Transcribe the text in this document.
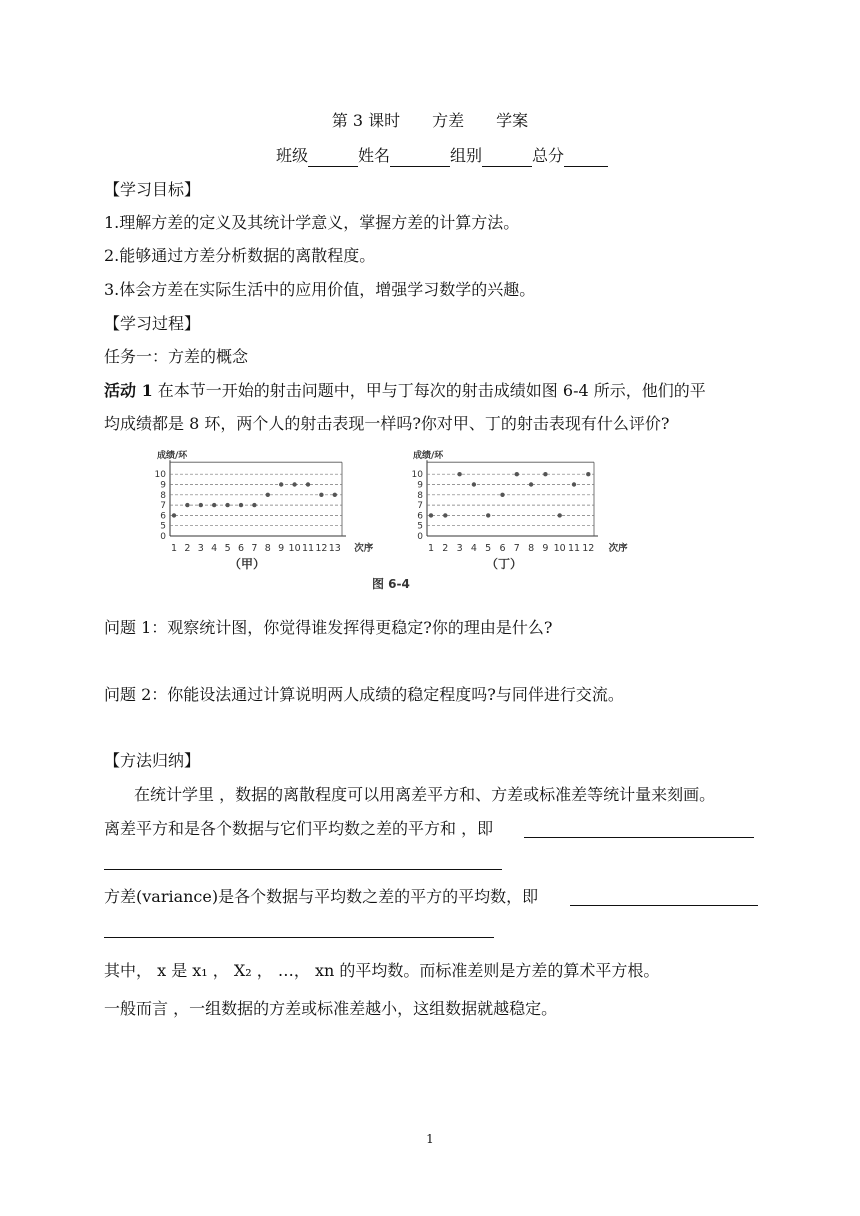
第 3 课时　　方差　　学案
班级	姓名	组别	总分
【学习目标】
1.理解方差的定义及其统计学意义，掌握方差的计算方法。
2.能够通过方差分析数据的离散程度。
3.体会方差在实际生活中的应用价值，增强学习数学的兴趣。
【学习过程】
任务一：方差的概念
活动 1 在本节一开始的射击问题中，甲与丁每次的射击成绩如图 6-4 所示，他们的平
均成绩都是 8 环，两个人的射击表现一样吗?你对甲、丁的射击表现有什么评价?
成绩/环
0
5
6
7
8
9
10
1 2 3 4 5 6 7 8 9 10 11 12 13 次序
成绩/环
0
5
6
7
8
9
10
1 2 3 4 5 6 7 8 9 10 11 12 次序
（甲）	（丁）
图 6-4
问题 1：观察统计图，你觉得谁发挥得更稳定?你的理由是什么?
问题 2：你能设法通过计算说明两人成绩的稳定程度吗?与同伴进行交流。
【方法归纳】
在统计学里 ，数据的离散程度可以用离差平方和、方差或标准差等统计量来刻画。
离差平方和是各个数据与它们平均数之差的平方和 ，即
方差(variance)是各个数据与平均数之差的平方的平均数，即
其中， x 是 x₁ ， X₂ ， …， xn 的平均数。而标准差则是方差的算术平方根。
一般而言 ，一组数据的方差或标准差越小，这组数据就越稳定。
1
